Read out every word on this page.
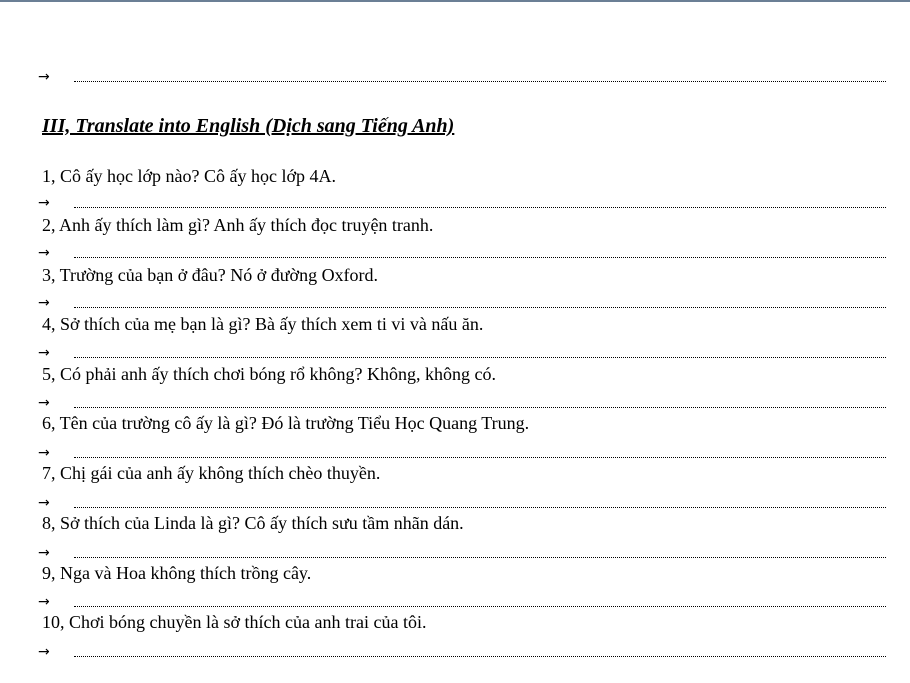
→
III, Translate into English (Dịch sang Tiếng Anh)
1, Cô ấy học lớp nào? Cô ấy học lớp 4A.
→
2, Anh ấy thích làm gì? Anh ấy thích đọc truyện tranh.
→
3, Trường của bạn ở đâu? Nó ở đường Oxford.
→
4, Sở thích của mẹ bạn là gì? Bà ấy thích xem ti vi và nấu ăn.
→
5, Có phải anh ấy thích chơi bóng rổ không? Không, không có.
→
6, Tên của trường cô ấy là gì? Đó là trường Tiểu Học Quang Trung.
→
7, Chị gái của anh ấy không thích chèo thuyền.
→
8, Sở thích của Linda là gì? Cô ấy thích sưu tầm nhãn dán.
→
9, Nga và Hoa không thích trồng cây.
→
10, Chơi bóng chuyền là sở thích của anh trai của tôi.
→
